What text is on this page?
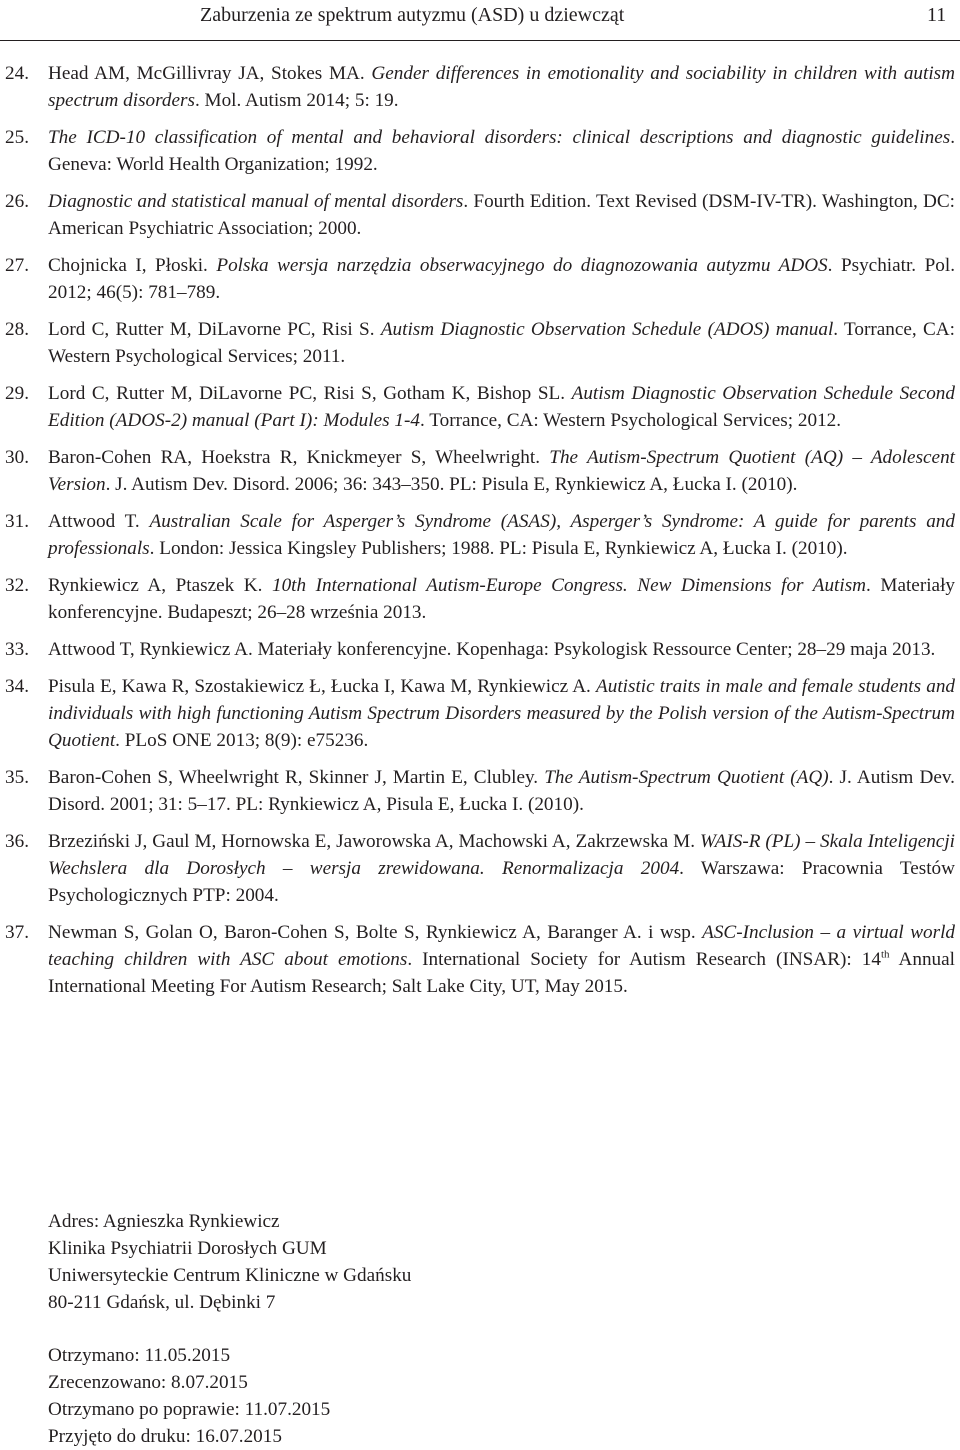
Zaburzenia ze spektrum autyzmu (ASD) u dziewcząt	11
24. Head AM, McGillivray JA, Stokes MA. Gender differences in emotionality and sociability in children with autism spectrum disorders. Mol. Autism 2014; 5: 19.
25. The ICD-10 classification of mental and behavioral disorders: clinical descriptions and diagnostic guidelines. Geneva: World Health Organization; 1992.
26. Diagnostic and statistical manual of mental disorders. Fourth Edition. Text Revised (DSM-IV-TR). Washington, DC: American Psychiatric Association; 2000.
27. Chojnicka I, Płoski. Polska wersja narzędzia obserwacyjnego do diagnozowania autyzmu ADOS. Psychiatr. Pol. 2012; 46(5): 781–789.
28. Lord C, Rutter M, DiLavorne PC, Risi S. Autism Diagnostic Observation Schedule (ADOS) manual. Torrance, CA: Western Psychological Services; 2011.
29. Lord C, Rutter M, DiLavorne PC, Risi S, Gotham K, Bishop SL. Autism Diagnostic Observation Schedule Second Edition (ADOS-2) manual (Part I): Modules 1-4. Torrance, CA: Western Psychological Services; 2012.
30. Baron-Cohen RA, Hoekstra R, Knickmeyer S, Wheelwright. The Autism-Spectrum Quotient (AQ) – Adolescent Version. J. Autism Dev. Disord. 2006; 36: 343–350. PL: Pisula E, Rynkiewicz A, Łucka I. (2010).
31. Attwood T. Australian Scale for Asperger’s Syndrome (ASAS), Asperger’s Syndrome: A guide for parents and professionals. London: Jessica Kingsley Publishers; 1988. PL: Pisula E, Rynkiewicz A, Łucka I. (2010).
32. Rynkiewicz A, Ptaszek K. 10th International Autism-Europe Congress. New Dimensions for Autism. Materiały konferencyjne. Budapeszt; 26–28 września 2013.
33. Attwood T, Rynkiewicz A. Materiały konferencyjne. Kopenhaga: Psykologisk Ressource Center; 28–29 maja 2013.
34. Pisula E, Kawa R, Szostakiewicz Ł, Łucka I, Kawa M, Rynkiewicz A. Autistic traits in male and female students and individuals with high functioning Autism Spectrum Disorders measured by the Polish version of the Autism-Spectrum Quotient. PLoS ONE 2013; 8(9): e75236.
35. Baron-Cohen S, Wheelwright R, Skinner J, Martin E, Clubley. The Autism-Spectrum Quotient (AQ). J. Autism Dev. Disord. 2001; 31: 5–17. PL: Rynkiewicz A, Pisula E, Łucka I. (2010).
36. Brzeziński J, Gaul M, Hornowska E, Jaworowska A, Machowski A, Zakrzewska M. WAIS-R (PL) – Skala Inteligencji Wechslera dla Dorosłych – wersja zrewidowana. Renormalizacja 2004. Warszawa: Pracownia Testów Psychologicznych PTP: 2004.
37. Newman S, Golan O, Baron-Cohen S, Bolte S, Rynkiewicz A, Baranger A. i wsp. ASC-Inclusion – a virtual world teaching children with ASC about emotions. International Society for Autism Research (INSAR): 14th Annual International Meeting For Autism Research; Salt Lake City, UT, May 2015.
Adres: Agnieszka Rynkiewicz
Klinika Psychiatrii Dorosłych GUM
Uniwersyteckie Centrum Kliniczne w Gdańsku
80-211 Gdańsk, ul. Dębinki 7
Otrzymano: 11.05.2015
Zrecenzowano: 8.07.2015
Otrzymano po poprawie: 11.07.2015
Przyjęto do druku: 16.07.2015
